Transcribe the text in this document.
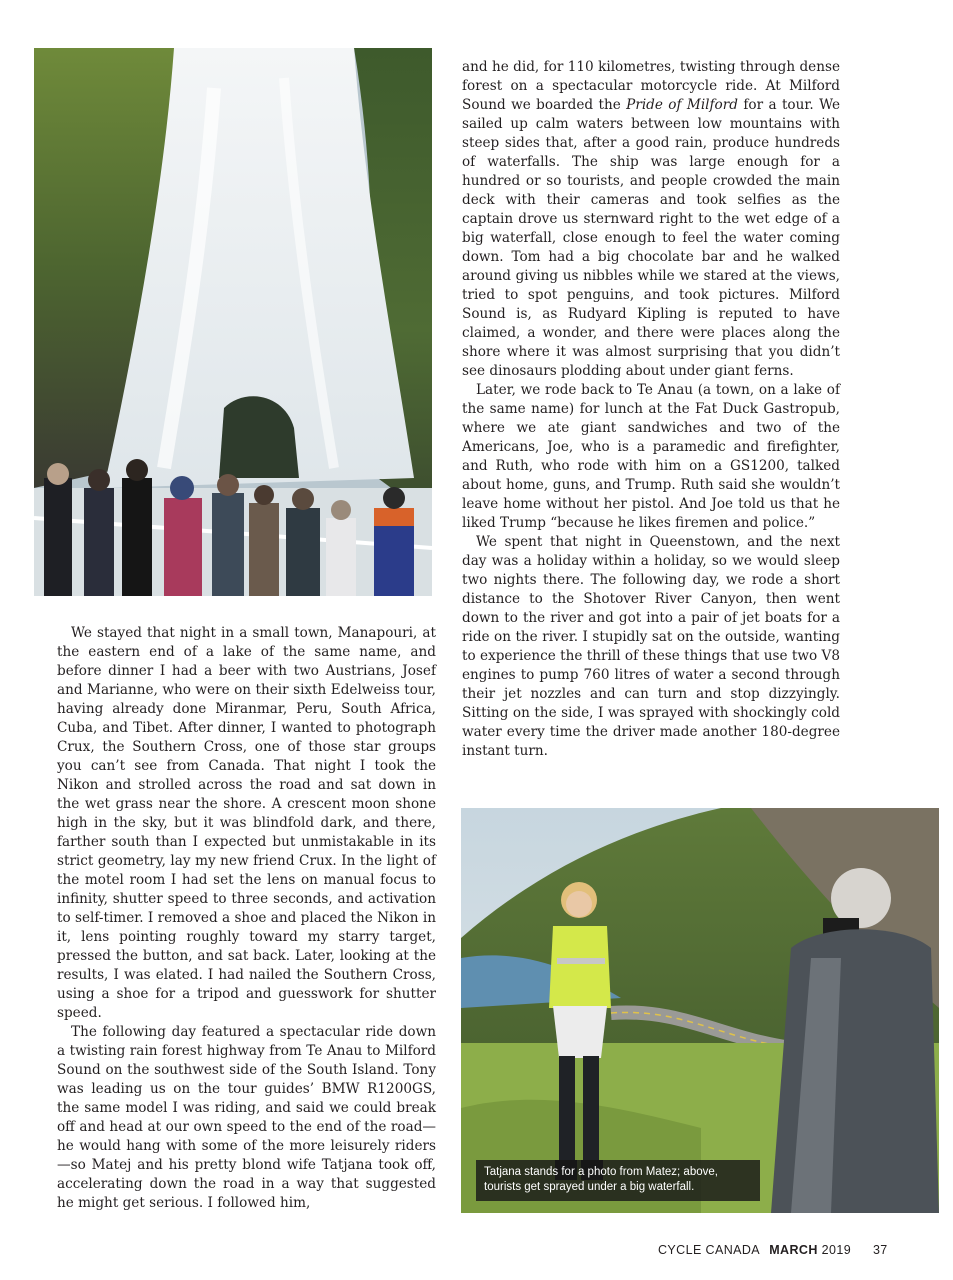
and he did, for 110 kilometres, twisting through dense forest on a spectacular motorcycle ride. At Milford Sound we boarded the Pride of Milford for a tour. We sailed up calm waters between low mountains with steep sides that, after a good rain, produce hundreds of waterfalls. The ship was large enough for a hundred or so tourists, and people crowded the main deck with their cameras and took selfies as the captain drove us sternward right to the wet edge of a big waterfall, close enough to feel the water coming down. Tom had a big chocolate bar and he walked around giving us nibbles while we stared at the views, tried to spot penguins, and took pictures. Milford Sound is, as Rudyard Kipling is reputed to have claimed, a wonder, and there were places along the shore where it was almost surprising that you didn’t see dinosaurs plodding about under giant ferns.

Later, we rode back to Te Anau (a town, on a lake of the same name) for lunch at the Fat Duck Gastropub, where we ate giant sandwiches and two of the Americans, Joe, who is a paramedic and firefighter, and Ruth, who rode with him on a GS1200, talked about home, guns, and Trump. Ruth said she wouldn’t leave home without her pistol. And Joe told us that he liked Trump “because he likes firemen and police.”

We spent that night in Queenstown, and the next day was a holiday within a holiday, so we would sleep two nights there. The following day, we rode a short distance to the Shotover River Canyon, then went down to the river and got into a pair of jet boats for a ride on the river. I stupidly sat on the outside, wanting to experience the thrill of these things that use two V8 engines to pump 760 litres of water a second through their jet nozzles and can turn and stop dizzyingly. Sitting on the side, I was sprayed with shockingly cold water every time the driver made another 180-degree instant turn.

We stayed that night in a small town, Manapouri, at the eastern end of a lake of the same name, and before dinner I had a beer with two Austrians, Josef and Marianne, who were on their sixth Edelweiss tour, having already done Miranmar, Peru, South Africa, Cuba, and Tibet. After dinner, I wanted to photograph Crux, the Southern Cross, one of those star groups you can’t see from Canada. That night I took the Nikon and strolled across the road and sat down in the wet grass near the shore. A crescent moon shone high in the sky, but it was blindfold dark, and there, farther south than I expected but unmistakable in its strict geometry, lay my new friend Crux. In the light of the motel room I had set the lens on manual focus to infinity, shutter speed to three seconds, and activation to self-timer. I removed a shoe and placed the Nikon in it, lens pointing roughly toward my starry target, pressed the button, and sat back. Later, looking at the results, I was elated. I had nailed the Southern Cross, using a shoe for a tripod and guesswork for shutter speed.

The following day featured a spectacular ride down a twisting rain forest highway from Te Anau to Milford Sound on the southwest side of the South Island. Tony was leading us on the tour guides’ BMW R1200GS, the same model I was riding, and said we could break off and head at our own speed to the end of the road—he would hang with some of the more leisurely riders—so Matej and his pretty blond wife Tatjana took off, accelerating down the road in a way that suggested he might get serious. I followed him,

Tatjana stands for a photo from Matez; above, tourists get sprayed under a big waterfall.
CYCLE CANADA MARCH 2019 37
